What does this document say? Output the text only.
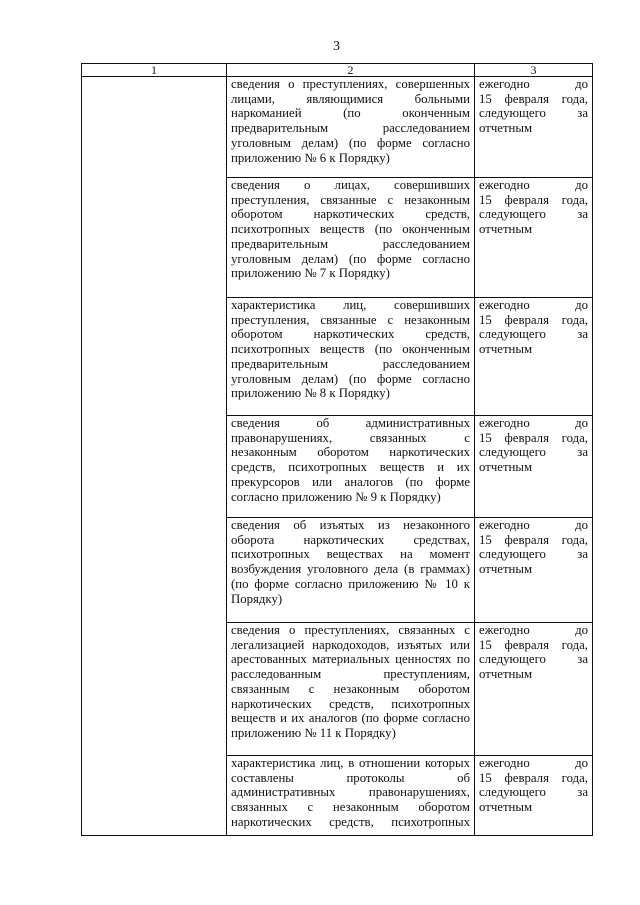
3
1	2	3
сведения о преступлениях, совершенных
лицами, являющимися больными
наркоманией (по оконченным
предварительным расследованием
уголовным делам) (по форме согласно
приложению № 6 к Порядку)
ежегодно до
15 февраля года,
следующего за
отчетным
сведения о лицах, совершивших
преступления, связанные с незаконным
оборотом наркотических средств,
психотропных веществ (по оконченным
предварительным расследованием
уголовным делам) (по форме согласно
приложению № 7 к Порядку)
ежегодно до
15 февраля года,
следующего за
отчетным
характеристика лиц, совершивших
преступления, связанные с незаконным
оборотом наркотических средств,
психотропных веществ (по оконченным
предварительным расследованием
уголовным делам) (по форме согласно
приложению № 8 к Порядку)
ежегодно до
15 февраля года,
следующего за
отчетным
сведения об административных
правонарушениях, связанных с
незаконным оборотом наркотических
средств, психотропных веществ и их
прекурсоров или аналогов (по форме
согласно приложению № 9 к Порядку)
ежегодно до
15 февраля года,
следующего за
отчетным
сведения об изъятых из незаконного
оборота наркотических средствах,
психотропных веществах на момент
возбуждения уголовного дела (в граммах)
(по форме согласно приложению № 10 к
Порядку)
ежегодно до
15 февраля года,
следующего за
отчетным
сведения о преступлениях, связанных с
легализацией наркодоходов, изъятых или
арестованных материальных ценностях по
расследованным преступлениям,
связанным с незаконным оборотом
наркотических средств, психотропных
веществ и их аналогов (по форме согласно
приложению № 11 к Порядку)
ежегодно до
15 февраля года,
следующего за
отчетным
характеристика лиц, в отношении которых
составлены протоколы об
административных правонарушениях,
связанных с незаконным оборотом
наркотических средств, психотропных
ежегодно до
15 февраля года,
следующего за
отчетным
